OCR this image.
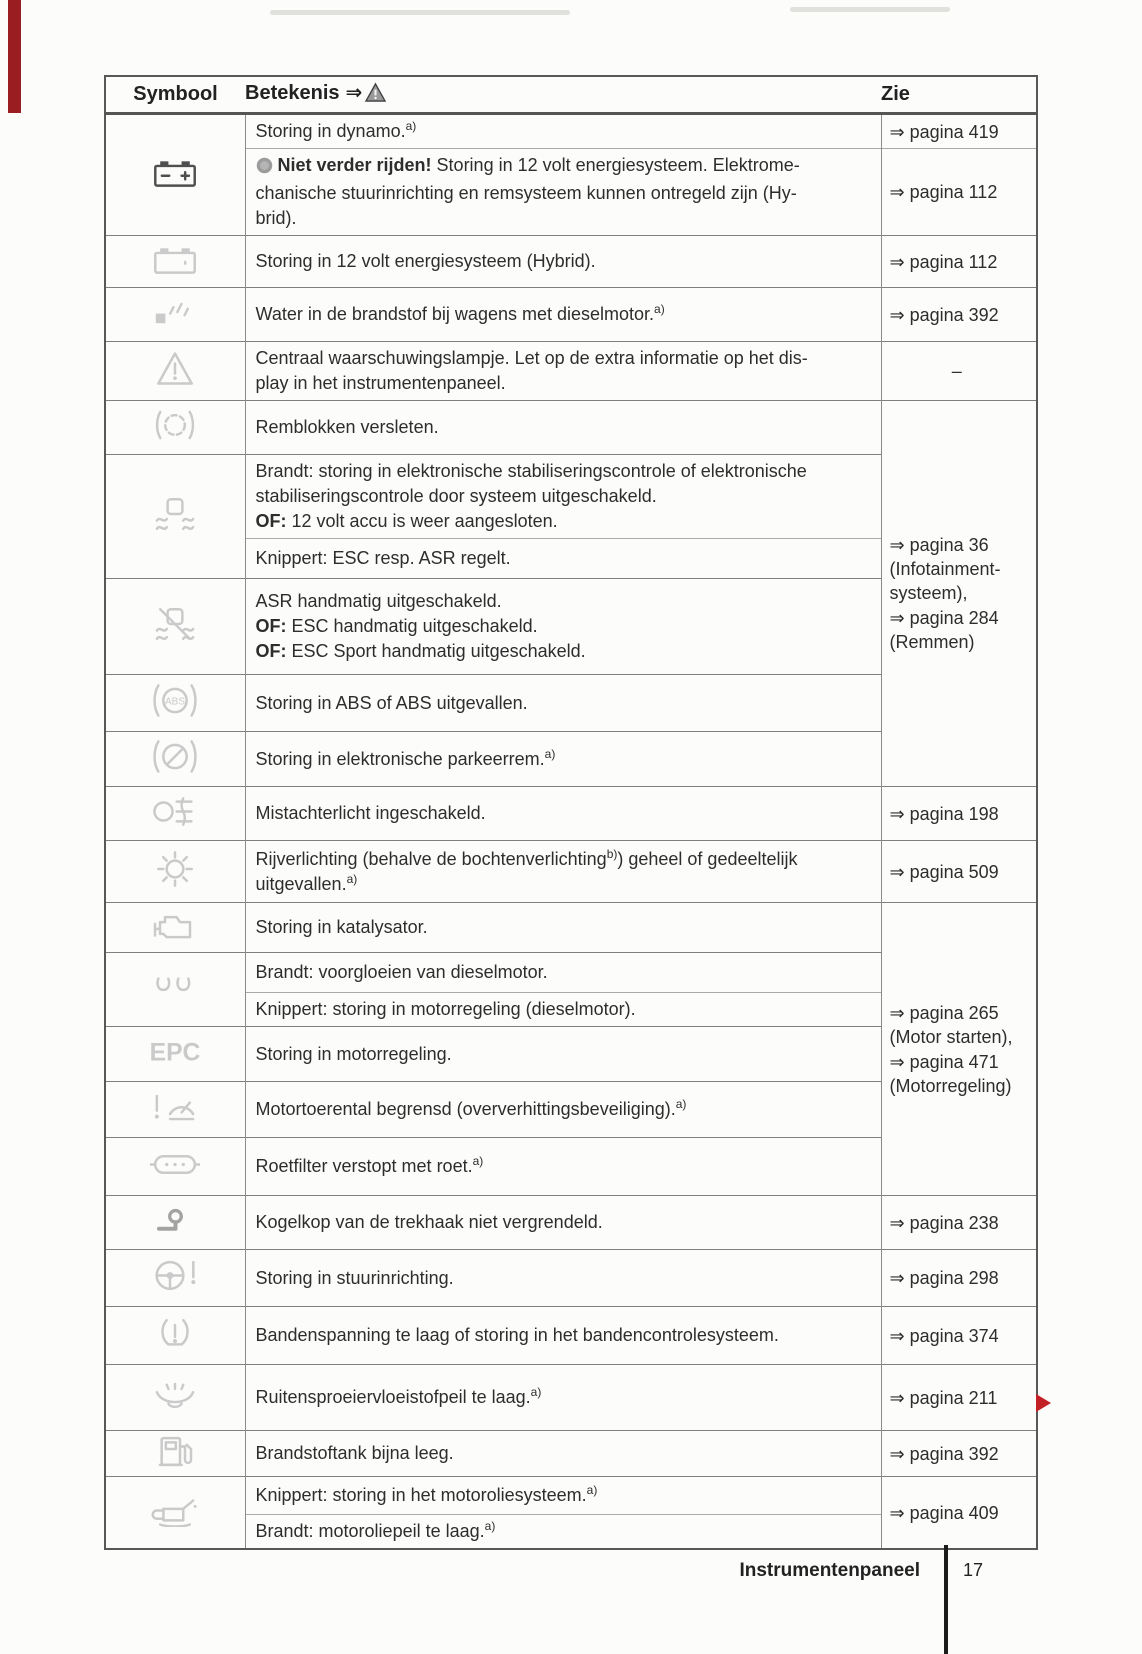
Symbool	Betekenis ⇒	Zie

Storing in dynamo.$^{a)}$	⇒ pagina 419

	Niet verder rijden! Storing in 12 volt energiesysteem. Elektrome-
chanische stuurinrichting en remsysteem kunnen ontregeld zijn (Hy-
brid).	⇒ pagina 112

Storing in 12 volt energiesysteem (Hybrid).	⇒ pagina 112

Water in de brandstof bij wagens met dieselmotor.$^{a)}$	⇒ pagina 392

Centraal waarschuwingslampje. Let op de extra informatie op het dis-
play in het instrumentenpaneel.	–

Remblokken versleten.	⇒ pagina 36 (Infotainment-systeem),
⇒ pagina 284 (Remmen)

Brandt: storing in elektronische stabiliseringscontrole of elektronische
stabiliseringscontrole door systeem uitgeschakeld.
OF: 12 volt accu is weer aangesloten.	

	Knippert: ESC resp. ASR regelt.	

ASR handmatig uitgeschakeld.
OF: ESC handmatig uitgeschakeld.
OF: ESC Sport handmatig uitgeschakeld.	

ABS	Storing in ABS of ABS uitgevallen.	

Storing in elektronische parkeerrem.$^{a)}$

Mistachterlicht ingeschakeld.	⇒ pagina 198

Rijverlichting (behalve de bochtenverlichting$^{b)}$) geheel of gedeeltelijk
uitgevallen.$^{a)}$	⇒ pagina 509

Storing in katalysator.	⇒ pagina 265 (Motor starten),
⇒ pagina 471 (Motorregeling)

Brandt: voorgloeien van dieselmotor.	

	Knippert: storing in motorregeling (dieselmotor).	

EPC	Storing in motorregeling.	

Motortoerental begrensd (oververhittingsbeveiliging).$^{a)}$

Roetfilter verstopt met roet.$^{a)}$

Kogelkop van de trekhaak niet vergrendeld.	⇒ pagina 238

Storing in stuurinrichting.	⇒ pagina 298

Bandenspanning te laag of storing in het bandencontrolesysteem.	⇒ pagina 374

Ruitensproeiervloeistofpeil te laag.$^{a)}$	⇒ pagina 211

Brandstoftank bijna leeg.	⇒ pagina 392

Knippert: storing in het motoroliesysteem.$^{a)}$	⇒ pagina 409

	Brandt: motoroliepeil te laag.$^{a)}$
Instrumentenpaneel 17
